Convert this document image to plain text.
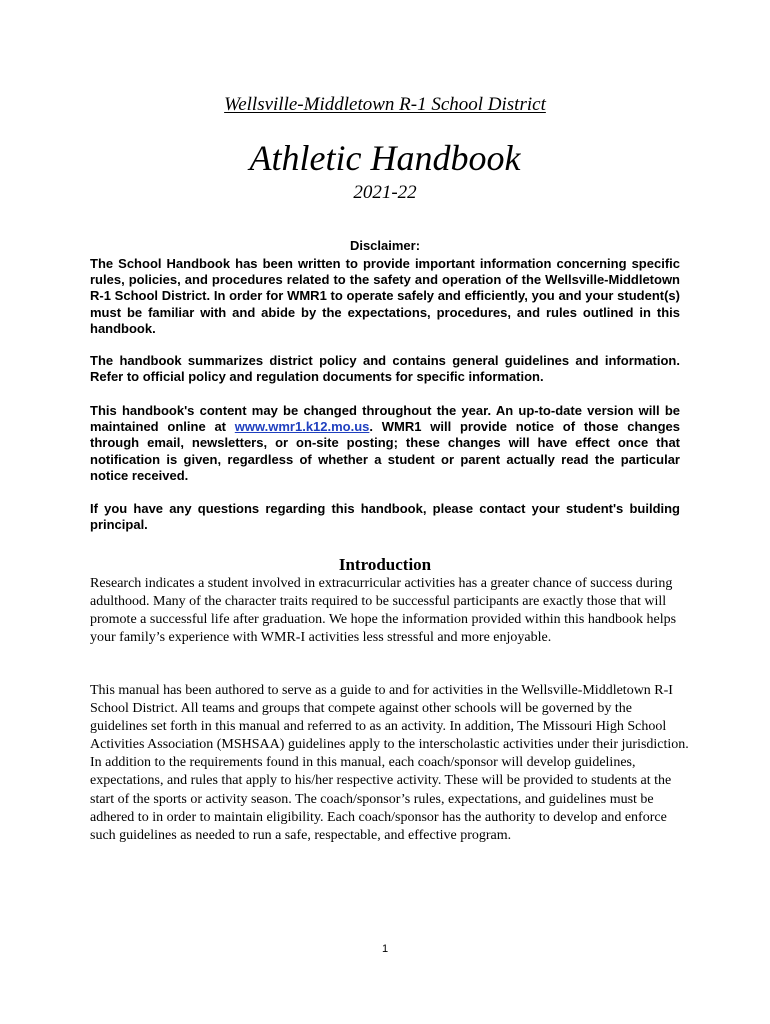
Wellsville-Middletown R-1 School District
Athletic Handbook
2021-22
Disclaimer:

The School Handbook has been written to provide important information concerning specific rules, policies, and procedures related to the safety and operation of the Wellsville-Middletown R-1 School District. In order for WMR1 to operate safely and efficiently, you and your student(s) must be familiar with and abide by the expectations, procedures, and rules outlined in this handbook.

The handbook summarizes district policy and contains general guidelines and information. Refer to official policy and regulation documents for specific information.

This handbook's content may be changed throughout the year. An up-to-date version will be maintained online at www.wmr1.k12.mo.us. WMR1 will provide notice of those changes through email, newsletters, or on-site posting; these changes will have effect once that notification is given, regardless of whether a student or parent actually read the particular notice received.

If you have any questions regarding this handbook, please contact your student's building principal.

Introduction

Research indicates a student involved in extracurricular activities has a greater chance of success during adulthood. Many of the character traits required to be successful participants are exactly those that will promote a successful life after graduation. We hope the information provided within this handbook helps your family’s experience with WMR-I activities less stressful and more enjoyable.

This manual has been authored to serve as a guide to and for activities in the Wellsville-Middletown R-I School District. All teams and groups that compete against other schools will be governed by the guidelines set forth in this manual and referred to as an activity. In addition, The Missouri High School Activities Association (MSHSAA) guidelines apply to the interscholastic activities under their jurisdiction. In addition to the requirements found in this manual, each coach/sponsor will develop guidelines, expectations, and rules that apply to his/her respective activity. These will be provided to students at the start of the sports or activity season. The coach/sponsor’s rules, expectations, and guidelines must be adhered to in order to maintain eligibility. Each coach/sponsor has the authority to develop and enforce such guidelines as needed to run a safe, respectable, and effective program.

1
